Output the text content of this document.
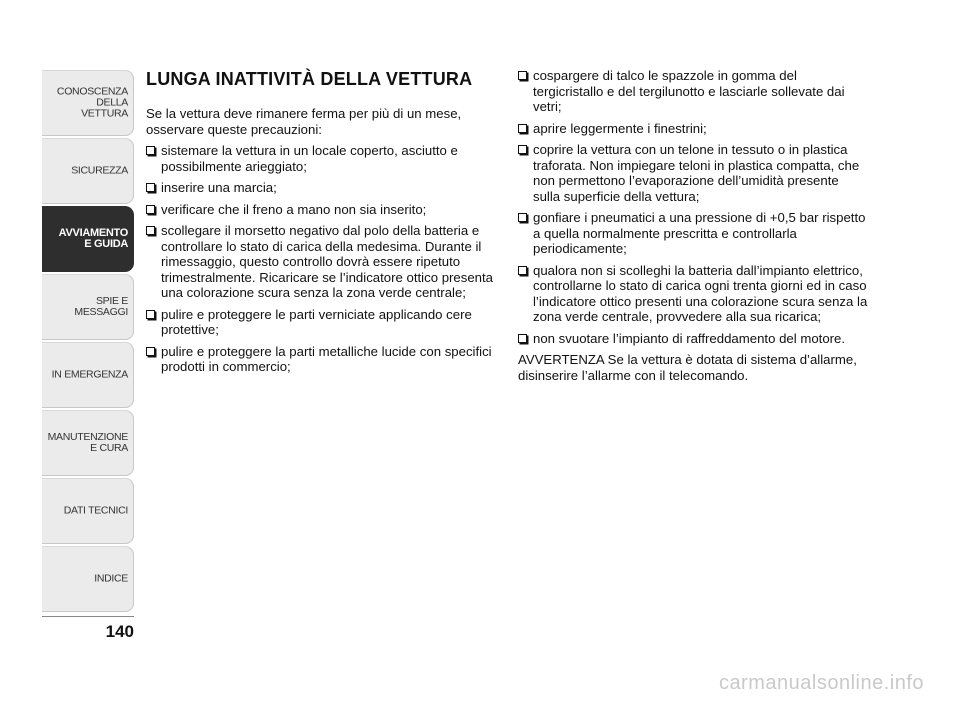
CONOSCENZA
DELLA
VETTURA
SICUREZZA
AVVIAMENTO
E GUIDA
SPIE E
MESSAGGI
IN EMERGENZA
MANUTENZIONE
E CURA
DATI TECNICI
INDICE
140
LUNGA INATTIVITÀ DELLA VETTURA

Se la vettura deve rimanere ferma per più di un mese, osservare queste precauzioni:

sistemare la vettura in un locale coperto, asciutto e possibilmente arieggiato;
inserire una marcia;
verificare che il freno a mano non sia inserito;
scollegare il morsetto negativo dal polo della batteria e controllare lo stato di carica della medesima. Durante il rimessaggio, questo controllo dovrà essere ripetuto trimestralmente. Ricaricare se l’indicatore ottico presenta una colorazione scura senza la zona verde centrale;
pulire e proteggere le parti verniciate applicando cere protettive;
pulire e proteggere la parti metalliche lucide con specifici prodotti in commercio;
cospargere di talco le spazzole in gomma del tergicristallo e del tergilunotto e lasciarle sollevate dai vetri;
aprire leggermente i finestrini;
coprire la vettura con un telone in tessuto o in plastica traforata. Non impiegare teloni in plastica compatta, che non permettono l’evaporazione dell’umidità presente sulla superficie della vettura;
gonfiare i pneumatici a una pressione di +0,5 bar rispetto a quella normalmente prescritta e controllarla periodicamente;
qualora non si scolleghi la batteria dall’impianto elettrico, controllarne lo stato di carica ogni trenta giorni ed in caso l’indicatore ottico presenti una colorazione scura senza la zona verde centrale, provvedere alla sua ricarica;
non svuotare l’impianto di raffreddamento del motore.

AVVERTENZA Se la vettura è dotata di sistema d’allarme, disinserire l’allarme con il telecomando.

carmanualsonline.info
